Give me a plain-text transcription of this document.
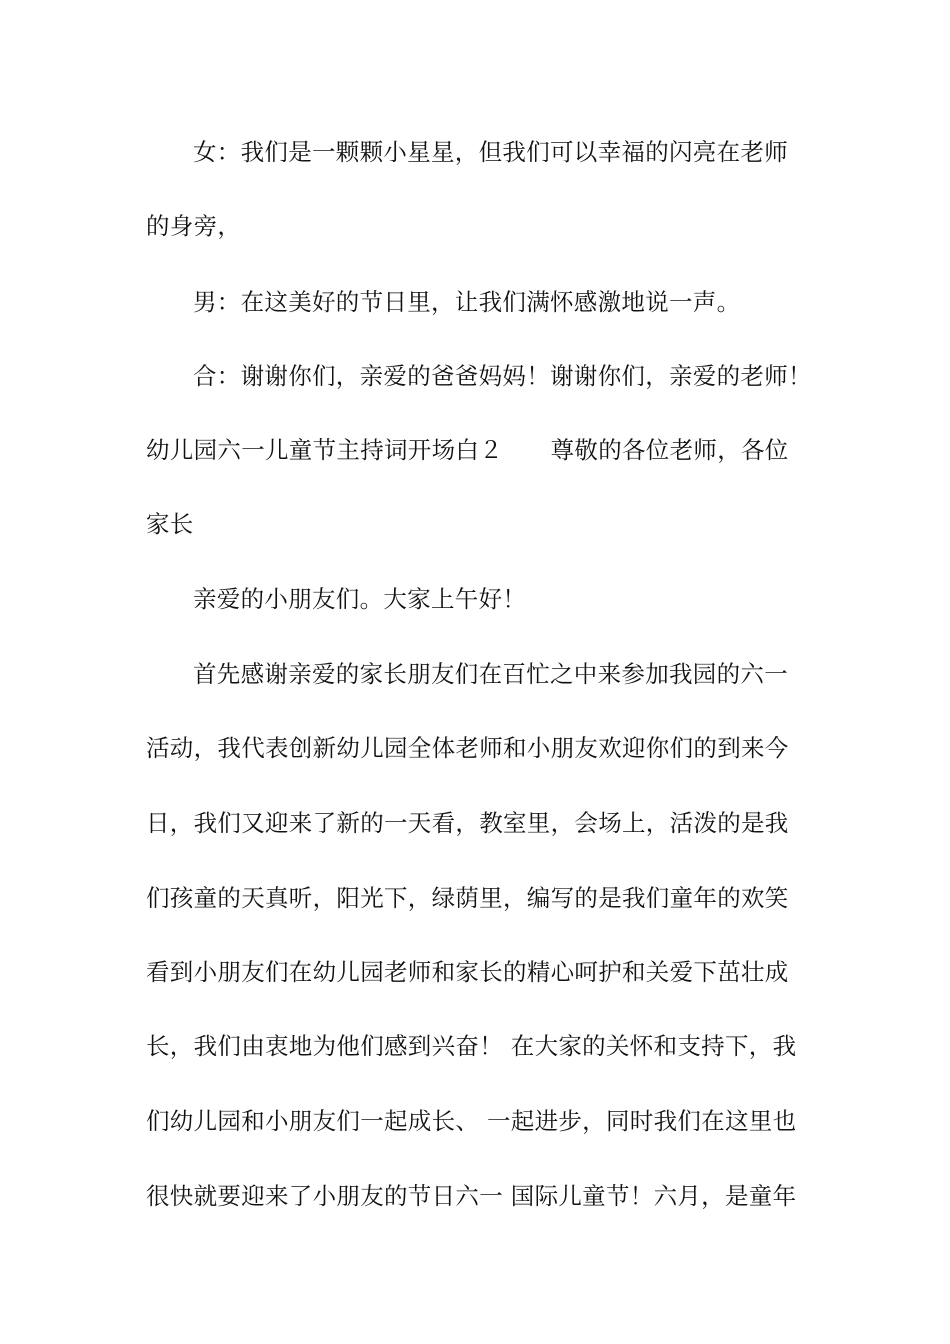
女：我们是一颗颗小星星，但我们可以幸福的闪亮在老师
的身旁，
男：在这美好的节日里，让我们满怀感激地说一声。
合：谢谢你们，亲爱的爸爸妈妈！谢谢你们，亲爱的老师！
幼儿园六一儿童节主持词开场白２　　尊敬的各位老师，各位
家长
亲爱的小朋友们。大家上午好！
首先感谢亲爱的家长朋友们在百忙之中来参加我园的六一
活动，我代表创新幼儿园全体老师和小朋友欢迎你们的到来今
日，我们又迎来了新的一天看，教室里，会场上，活泼的是我
们孩童的天真听，阳光下，绿荫里，编写的是我们童年的欢笑
看到小朋友们在幼儿园老师和家长的精心呵护和关爱下茁壮成
长，我们由衷地为他们感到兴奋！ 在大家的关怀和支持下，我
们幼儿园和小朋友们一起成长、 一起进步，同时我们在这里也
很快就要迎来了小朋友的节日六一 国际儿童节！六月，是童年
